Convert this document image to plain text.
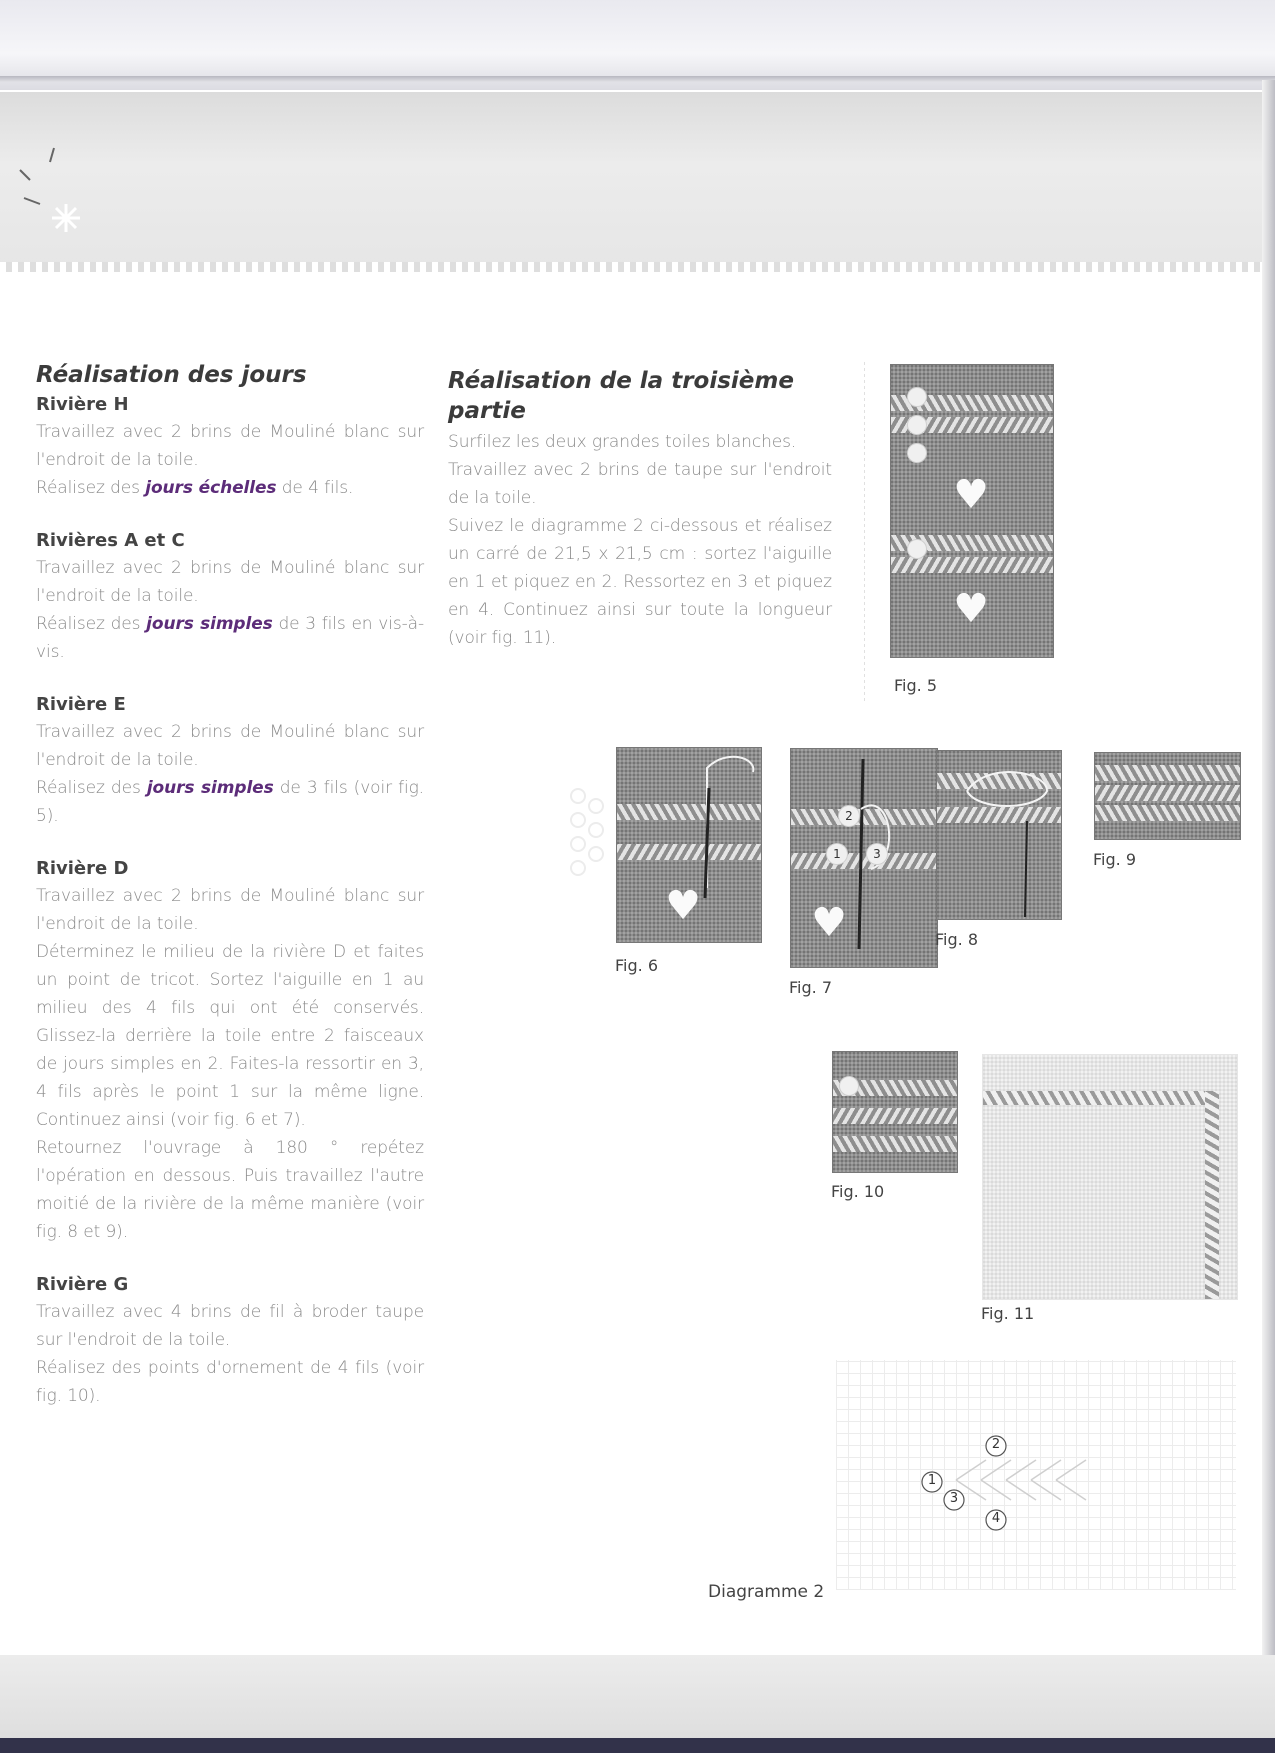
Réalisation des jours
Rivière H

Travaillez avec 2 brins de Mouliné blanc sur l'endroit de la toile.

Réalisez des jours échelles de 4 fils.

Rivières A et C

Travaillez avec 2 brins de Mouliné blanc sur l'endroit de la toile.

Réalisez des jours simples de 3 fils en vis-à-vis.

Rivière E

Travaillez avec 2 brins de Mouliné blanc sur l'endroit de la toile.

Réalisez des jours simples de 3 fils (voir fig. 5).

Rivière D

Travaillez avec 2 brins de Mouliné blanc sur l'endroit de la toile.

Déterminez le milieu de la rivière D et faites un point de tricot. Sortez l'aiguille en 1 au milieu des 4 fils qui ont été conservés. Glissez-la derrière la toile entre 2 faisceaux de jours simples en 2. Faites-la ressortir en 3, 4 fils après le point 1 sur la même ligne. Continuez ainsi (voir fig. 6 et 7).

Retournez l'ouvrage à 180 ° repétez l'opération en dessous. Puis travaillez l'autre moitié de la rivière de la même manière (voir fig. 8 et 9).

Rivière G

Travaillez avec 4 brins de fil à broder taupe sur l'endroit de la toile.

Réalisez des points d'ornement de 4 fils (voir fig. 10).

Réalisation de la troisième partie

Surfilez les deux grandes toiles blanches.

Travaillez avec 2 brins de taupe sur l'endroit de la toile.

Suivez le diagramme 2 ci-dessous et réalisez un carré de 21,5 x 21,5 cm : sortez l'aiguille en 1 et piquez en 2. Ressortez en 3 et piquez en 4. Continuez ainsi sur toute la longueur (voir fig. 11).

♥
♥
Fig. 5
♥
Fig. 6
2
1	3
♥
Fig. 7
Fig. 8
Fig. 9
Fig. 10
Fig. 11
1
2
3
4
Diagramme 2
